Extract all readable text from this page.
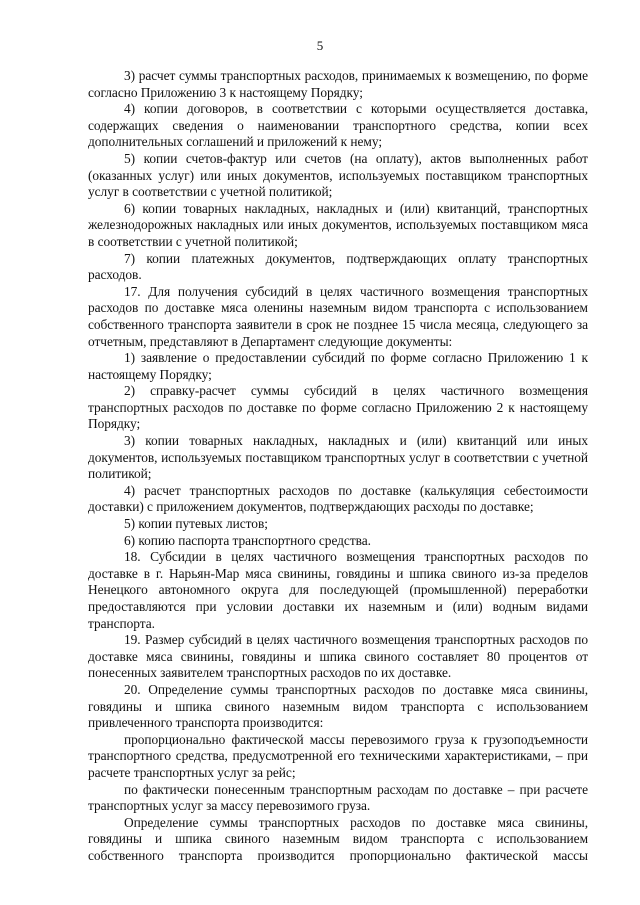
5

3) расчет суммы транспортных расходов, принимаемых к возмещению, по форме согласно Приложению 3 к настоящему Порядку;

4) копии договоров, в соответствии с которыми осуществляется доставка, содержащих сведения о наименовании транспортного средства, копии всех дополнительных соглашений и приложений к нему;

5) копии счетов-фактур или счетов (на оплату), актов выполненных работ (оказанных услуг) или иных документов, используемых поставщиком транспортных услуг в соответствии с учетной политикой;

6) копии товарных накладных, накладных и (или) квитанций, транспортных железнодорожных накладных или иных документов, используемых поставщиком мяса в соответствии с учетной политикой;

7) копии платежных документов, подтверждающих оплату транспортных расходов.

17. Для получения субсидий в целях частичного возмещения транспортных расходов по доставке мяса оленины наземным видом транспорта с использованием собственного транспорта заявители в срок не позднее 15 числа месяца, следующего за отчетным, представляют в Департамент следующие документы:

1) заявление о предоставлении субсидий по форме согласно Приложению 1 к настоящему Порядку;

2) справку-расчет суммы субсидий в целях частичного возмещения транспортных расходов по доставке по форме согласно Приложению 2 к настоящему Порядку;

3) копии товарных накладных, накладных и (или) квитанций или иных документов, используемых поставщиком транспортных услуг в соответствии с учетной политикой;

4) расчет транспортных расходов по доставке (калькуляция себестоимости доставки) с приложением документов, подтверждающих расходы по доставке;

5) копии путевых листов;

6) копию паспорта транспортного средства.

18. Субсидии в целях частичного возмещения транспортных расходов по доставке в г. Нарьян-Мар мяса свинины, говядины и шпика свиного из-за пределов Ненецкого автономного округа для последующей (промышленной) переработки предоставляются при условии доставки их наземным и (или) водным видами транспорта.

19. Размер субсидий в целях частичного возмещения транспортных расходов по доставке мяса свинины, говядины и шпика свиного составляет 80 процентов от понесенных заявителем транспортных расходов по их доставке.

20. Определение суммы транспортных расходов по доставке мяса свинины, говядины и шпика свиного наземным видом транспорта с использованием привлеченного транспорта производится:

пропорционально фактической массы перевозимого груза к грузоподъемности транспортного средства, предусмотренной его техническими характеристиками, – при расчете транспортных услуг за рейс;

по фактически понесенным транспортным расходам по доставке – при расчете транспортных услуг за массу перевозимого груза.

Определение суммы транспортных расходов по доставке мяса свинины, говядины и шпика свиного наземным видом транспорта с использованием собственного транспорта производится пропорционально фактической массы
